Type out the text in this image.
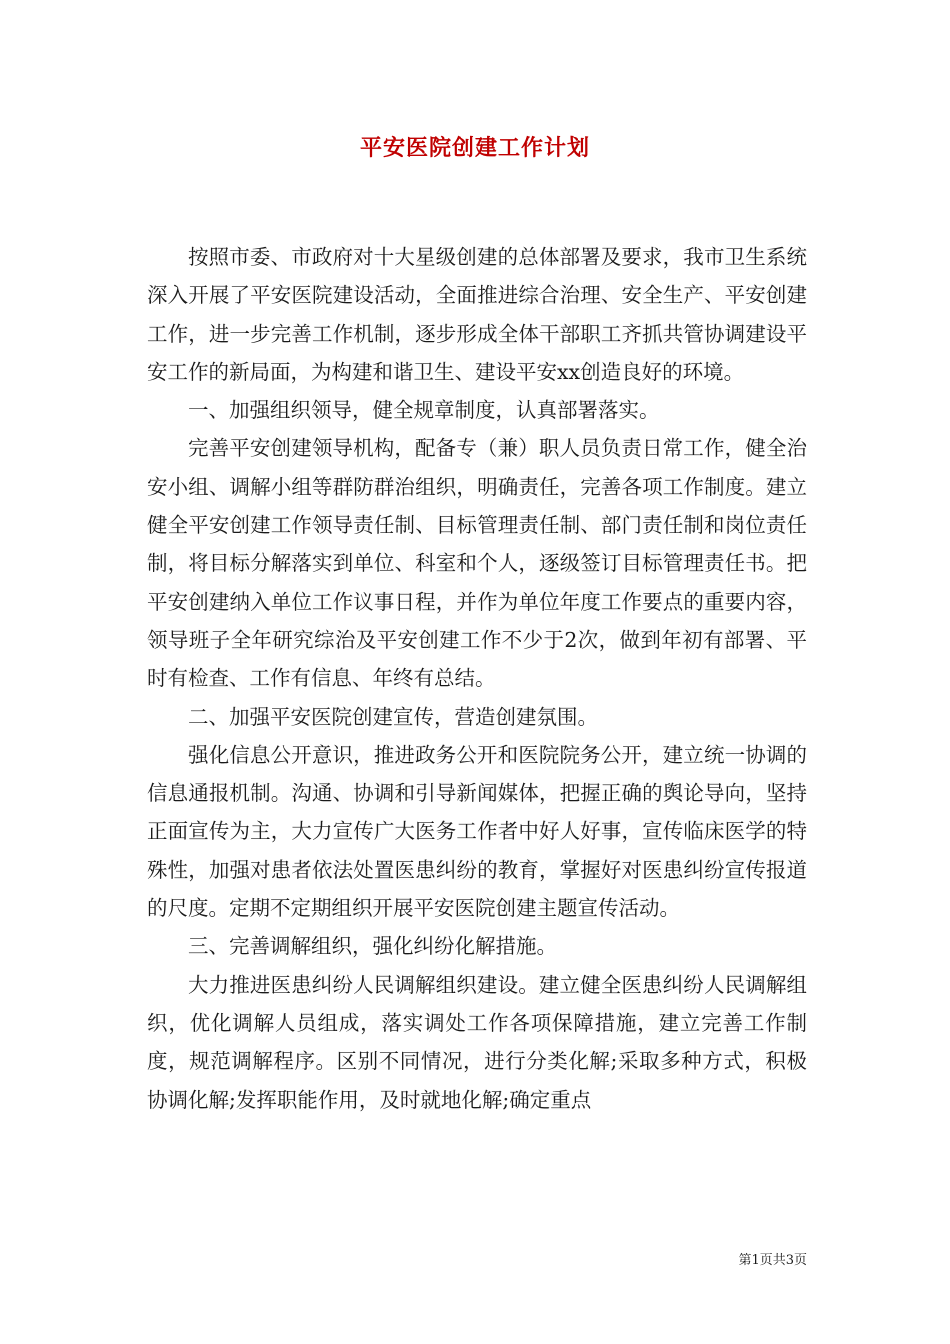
平安医院创建工作计划

按照市委、市政府对十大星级创建的总体部署及要求，我市卫生系统深入开展了平安医院建设活动，全面推进综合治理、安全生产、平安创建工作，进一步完善工作机制，逐步形成全体干部职工齐抓共管协调建设平安工作的新局面，为构建和谐卫生、建设平安xx创造良好的环境。

一、加强组织领导，健全规章制度，认真部署落实。

完善平安创建领导机构，配备专（兼）职人员负责日常工作，健全治安小组、调解小组等群防群治组织，明确责任，完善各项工作制度。建立健全平安创建工作领导责任制、目标管理责任制、部门责任制和岗位责任制，将目标分解落实到单位、科室和个人，逐级签订目标管理责任书。把平安创建纳入单位工作议事日程，并作为单位年度工作要点的重要内容，领导班子全年研究综治及平安创建工作不少于2次，做到年初有部署、平时有检查、工作有信息、年终有总结。

二、加强平安医院创建宣传，营造创建氛围。

强化信息公开意识，推进政务公开和医院院务公开，建立统一协调的信息通报机制。沟通、协调和引导新闻媒体，把握正确的舆论导向，坚持正面宣传为主，大力宣传广大医务工作者中好人好事，宣传临床医学的特殊性，加强对患者依法处置医患纠纷的教育，掌握好对医患纠纷宣传报道的尺度。定期不定期组织开展平安医院创建主题宣传活动。

三、完善调解组织，强化纠纷化解措施。

大力推进医患纠纷人民调解组织建设。建立健全医患纠纷人民调解组织，优化调解人员组成，落实调处工作各项保障措施，建立完善工作制度，规范调解程序。区别不同情况，进行分类化解;采取多种方式，积极协调化解;发挥职能作用，及时就地化解;确定重点

第1页共3页
